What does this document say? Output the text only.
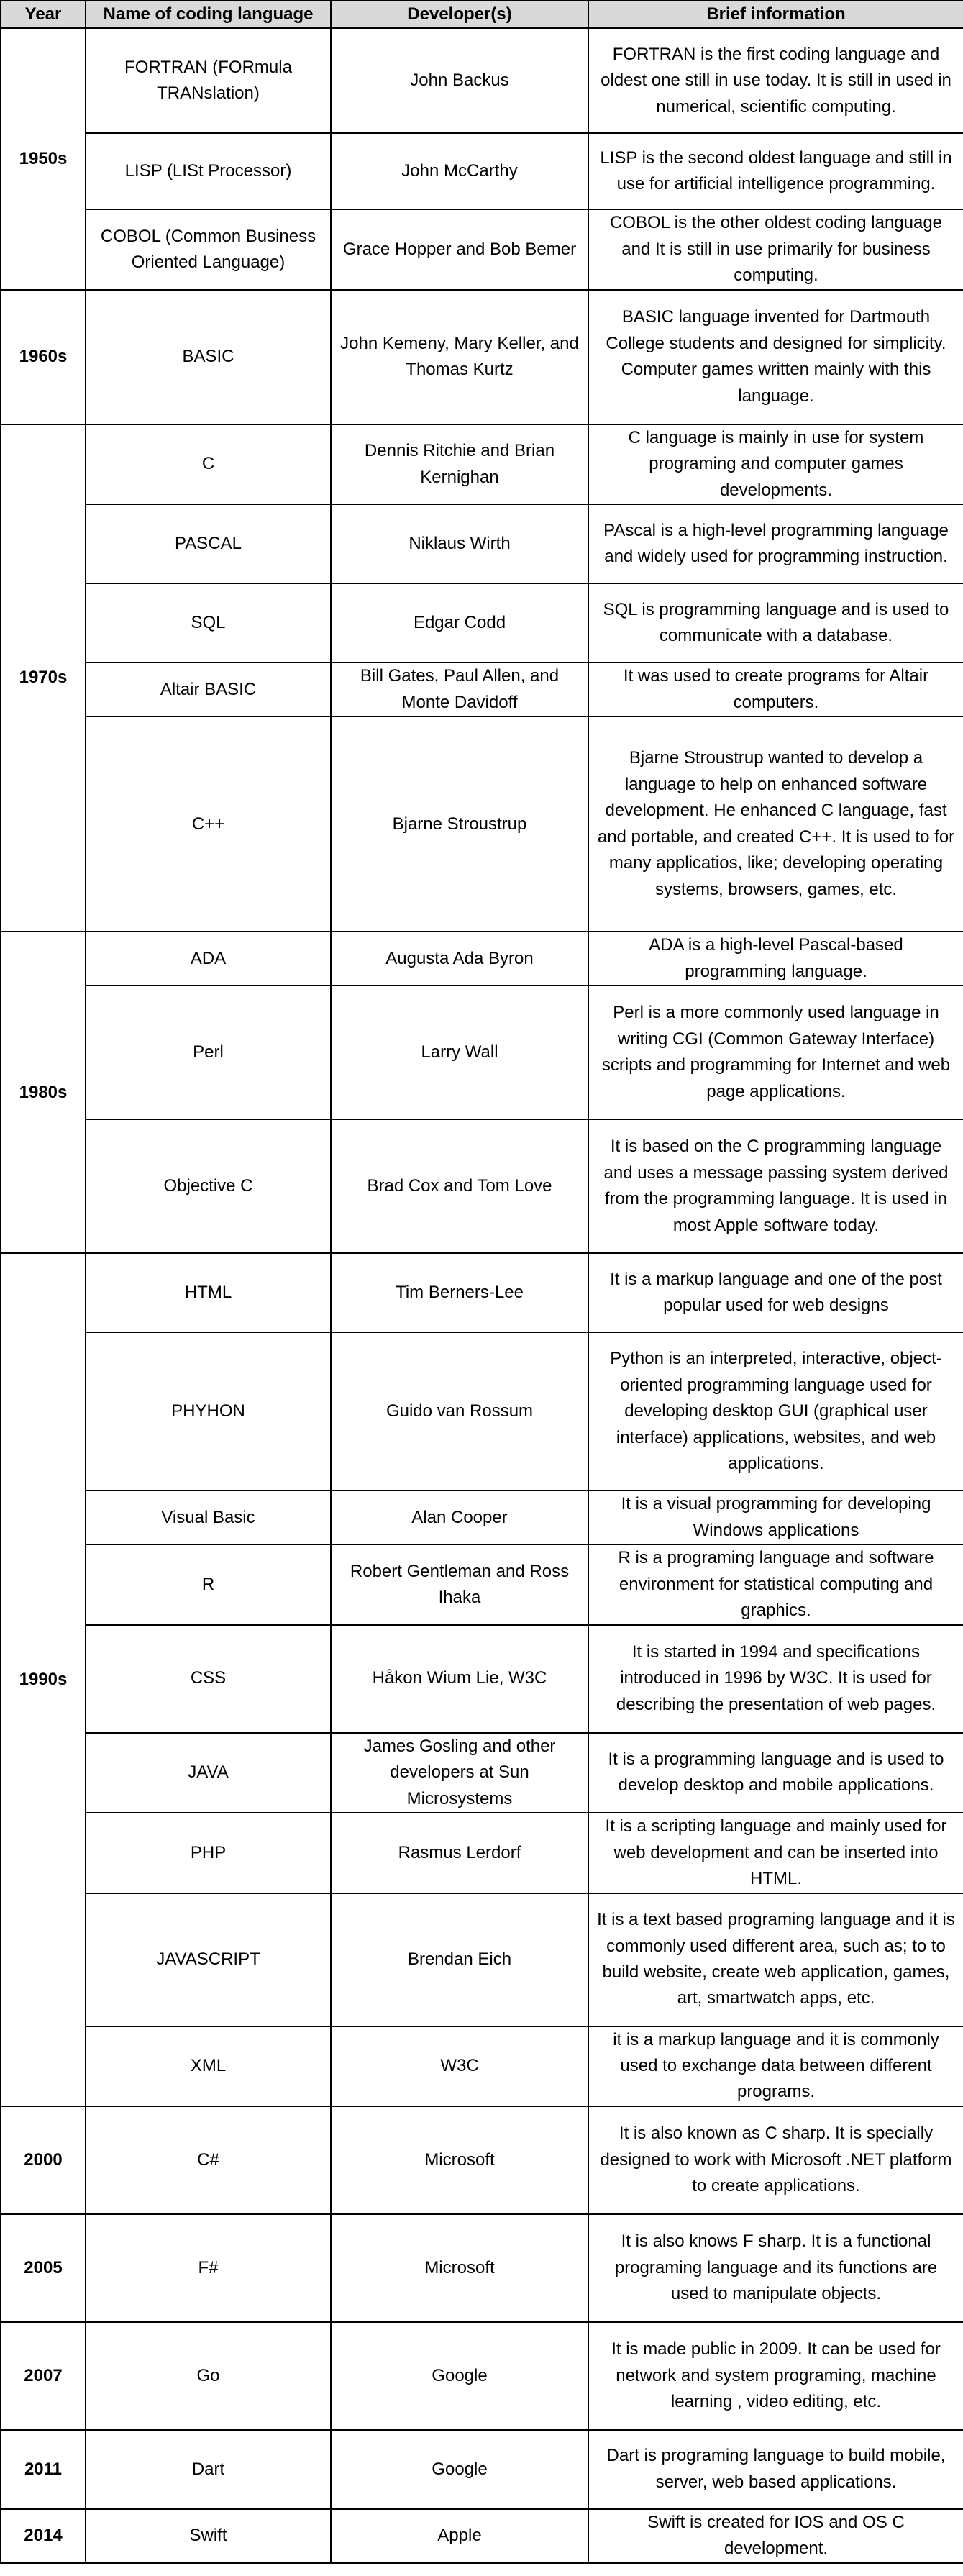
Year	Name of coding language	Developer(s)	Brief information
1950s	FORTRAN (FORmula TRANslation)	John Backus	FORTRAN is the first coding language and oldest one still in use today. It is still in used in numerical, scientific computing.
	LISP (LISt Processor)	John McCarthy	LISP is the second oldest language and still in use for artificial intelligence programming.
	COBOL (Common Business Oriented Language)	Grace Hopper and Bob Bemer	COBOL is the other oldest coding language and It is still in use primarily for business computing.
1960s	BASIC	John Kemeny, Mary Keller, and Thomas Kurtz	BASIC language invented for Dartmouth College students and designed for simplicity. Computer games written mainly with this language.
1970s	C	Dennis Ritchie and Brian Kernighan	C language is mainly in use for system programing and computer games developments.
	PASCAL	Niklaus Wirth	PAscal is a high-level programming language and widely used for programming instruction.
	SQL	Edgar Codd	SQL is programming language and is used to communicate with a database.
	Altair BASIC	Bill Gates, Paul Allen, and Monte Davidoff	It was used to create programs for Altair computers.
	C++	Bjarne Stroustrup	Bjarne Stroustrup wanted to develop a language to help on enhanced software development. He enhanced C language, fast and portable, and created C++. It is used to for many applicatios, like; developing operating systems, browsers, games, etc.
1980s	ADA	Augusta Ada Byron	ADA is a high-level Pascal-based programming language.
	Perl	Larry Wall	Perl is a more commonly used language in writing CGI (Common Gateway Interface) scripts and programming for Internet and web page applications.
	Objective C	Brad Cox and Tom Love	It is based on the C programming language and uses a message passing system derived from the programming language. It is used in most Apple software today.
1990s	HTML	Tim Berners-Lee	It is a markup language and one of the post popular used for web designs
	PHYHON	Guido van Rossum	Python is an interpreted, interactive, object-oriented programming language used for developing desktop GUI (graphical user interface) applications, websites, and web applications.
	Visual Basic	Alan Cooper	It is a visual programming for developing Windows applications
	R	Robert Gentleman and Ross Ihaka	R is a programing language and software environment for statistical computing and graphics.
	CSS	Håkon Wium Lie, W3C	It is started in 1994 and specifications introduced in 1996 by W3C. It is used for describing the presentation of web pages.
	JAVA	James Gosling and other developers at Sun Microsystems	It is a programming language and is used to develop desktop and mobile applications.
	PHP	Rasmus Lerdorf	It is a scripting language and mainly used for web development and can be inserted into HTML.
	JAVASCRIPT	Brendan Eich	It is a text based programing language and it is commonly used different area, such as; to to build website, create web application, games, art, smartwatch apps, etc.
	XML	W3C	it is a markup language and it is commonly used to exchange data between different programs.
2000	C#	Microsoft	It is also known as C sharp. It is specially designed to work with Microsoft .NET platform to create applications.
2005	F#	Microsoft	It is also knows F sharp. It is a functional programing language and its functions are used to manipulate objects.
2007	Go	Google	It is made public in 2009. It can be used for network and system programing, machine learning , video editing, etc.
2011	Dart	Google	Dart is programing language to build mobile, server, web based applications.
2014	Swift	Apple	Swift is created for IOS and OS C development.
